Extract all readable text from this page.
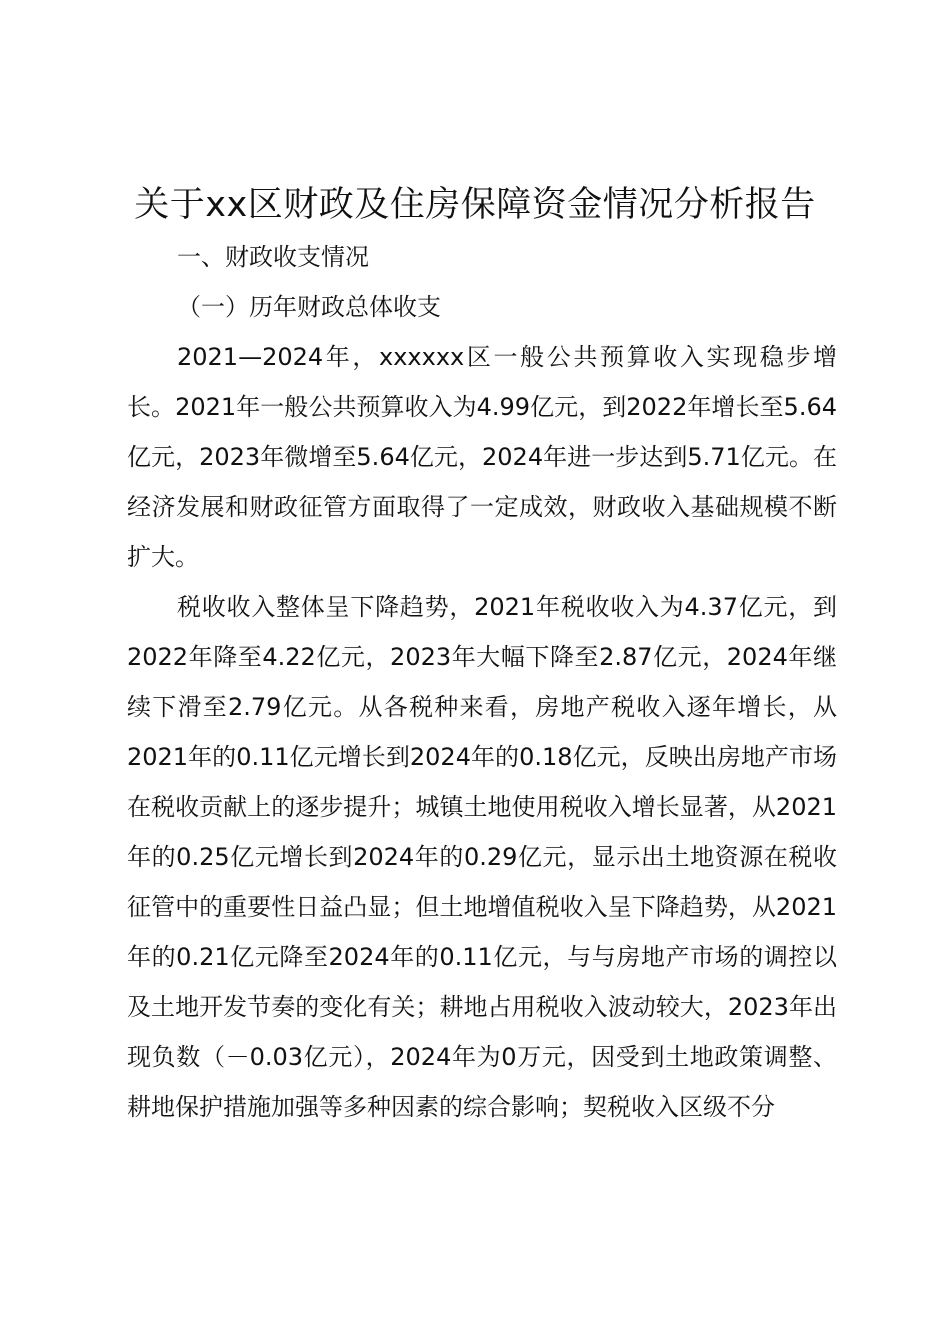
关于xx区财政及住房保障资金情况分析报告

一、财政收支情况

（一）历年财政总体收支

2021—2024年，xxxxxx区一般公共预算收入实现稳步增长。2021年一般公共预算收入为4.99亿元，到2022年增长至5.64亿元，2023年微增至5.64亿元，2024年进一步达到5.71亿元。在经济发展和财政征管方面取得了一定成效，财政收入基础规模不断扩大。

税收收入整体呈下降趋势，2021年税收收入为4.37亿元，到2022年降至4.22亿元，2023年大幅下降至2.87亿元，2024年继续下滑至2.79亿元。从各税种来看，房地产税收入逐年增长，从2021年的0.11亿元增长到2024年的0.18亿元，反映出房地产市场在税收贡献上的逐步提升；城镇土地使用税收入增长显著，从2021年的0.25亿元增长到2024年的0.29亿元，显示出土地资源在税收征管中的重要性日益凸显；但土地增值税收入呈下降趋势，从2021年的0.21亿元降至2024年的0.11亿元，与与房地产市场的调控以及土地开发节奏的变化有关；耕地占用税收入波动较大，2023年出现负数（－0.03亿元），2024年为0万元，因受到土地政策调整、耕地保护措施加强等多种因素的综合影响；契税收入区级不分
